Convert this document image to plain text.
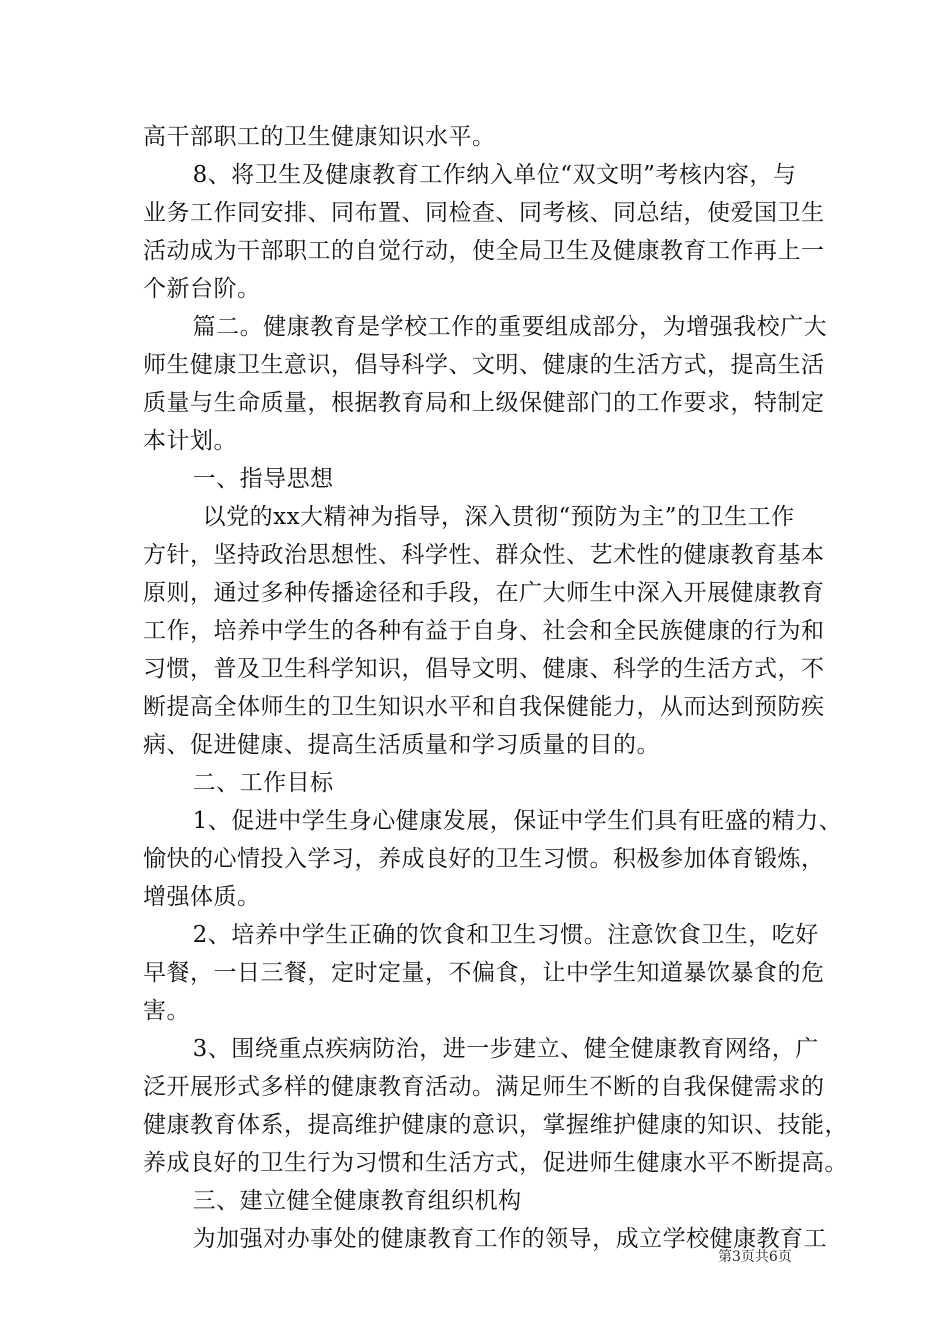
高干部职工的卫生健康知识水平。
8、将卫生及健康教育工作纳入单位“双文明”考核内容，与
业务工作同安排、同布置、同检查、同考核、同总结，使爱国卫生
活动成为干部职工的自觉行动，使全局卫生及健康教育工作再上一
个新台阶。
篇二。健康教育是学校工作的重要组成部分，为增强我校广大
师生健康卫生意识，倡导科学、文明、健康的生活方式，提高生活
质量与生命质量，根据教育局和上级保健部门的工作要求，特制定
本计划。
一、指导思想
以党的xx大精神为指导，深入贯彻“预防为主”的卫生工作
方针，坚持政治思想性、科学性、群众性、艺术性的健康教育基本
原则，通过多种传播途径和手段，在广大师生中深入开展健康教育
工作，培养中学生的各种有益于自身、社会和全民族健康的行为和
习惯，普及卫生科学知识，倡导文明、健康、科学的生活方式，不
断提高全体师生的卫生知识水平和自我保健能力，从而达到预防疾
病、促进健康、提高生活质量和学习质量的目的。
二、工作目标
1、促进中学生身心健康发展，保证中学生们具有旺盛的精力、
愉快的心情投入学习，养成良好的卫生习惯。积极参加体育锻炼，
增强体质。
2、培养中学生正确的饮食和卫生习惯。注意饮食卫生，吃好
早餐，一日三餐，定时定量，不偏食，让中学生知道暴饮暴食的危
害。
3、围绕重点疾病防治，进一步建立、健全健康教育网络，广
泛开展形式多样的健康教育活动。满足师生不断的自我保健需求的
健康教育体系，提高维护健康的意识，掌握维护健康的知识、技能，
养成良好的卫生行为习惯和生活方式，促进师生健康水平不断提高。
三、建立健全健康教育组织机构
为加强对办事处的健康教育工作的领导，成立学校健康教育工
第3页共6页
